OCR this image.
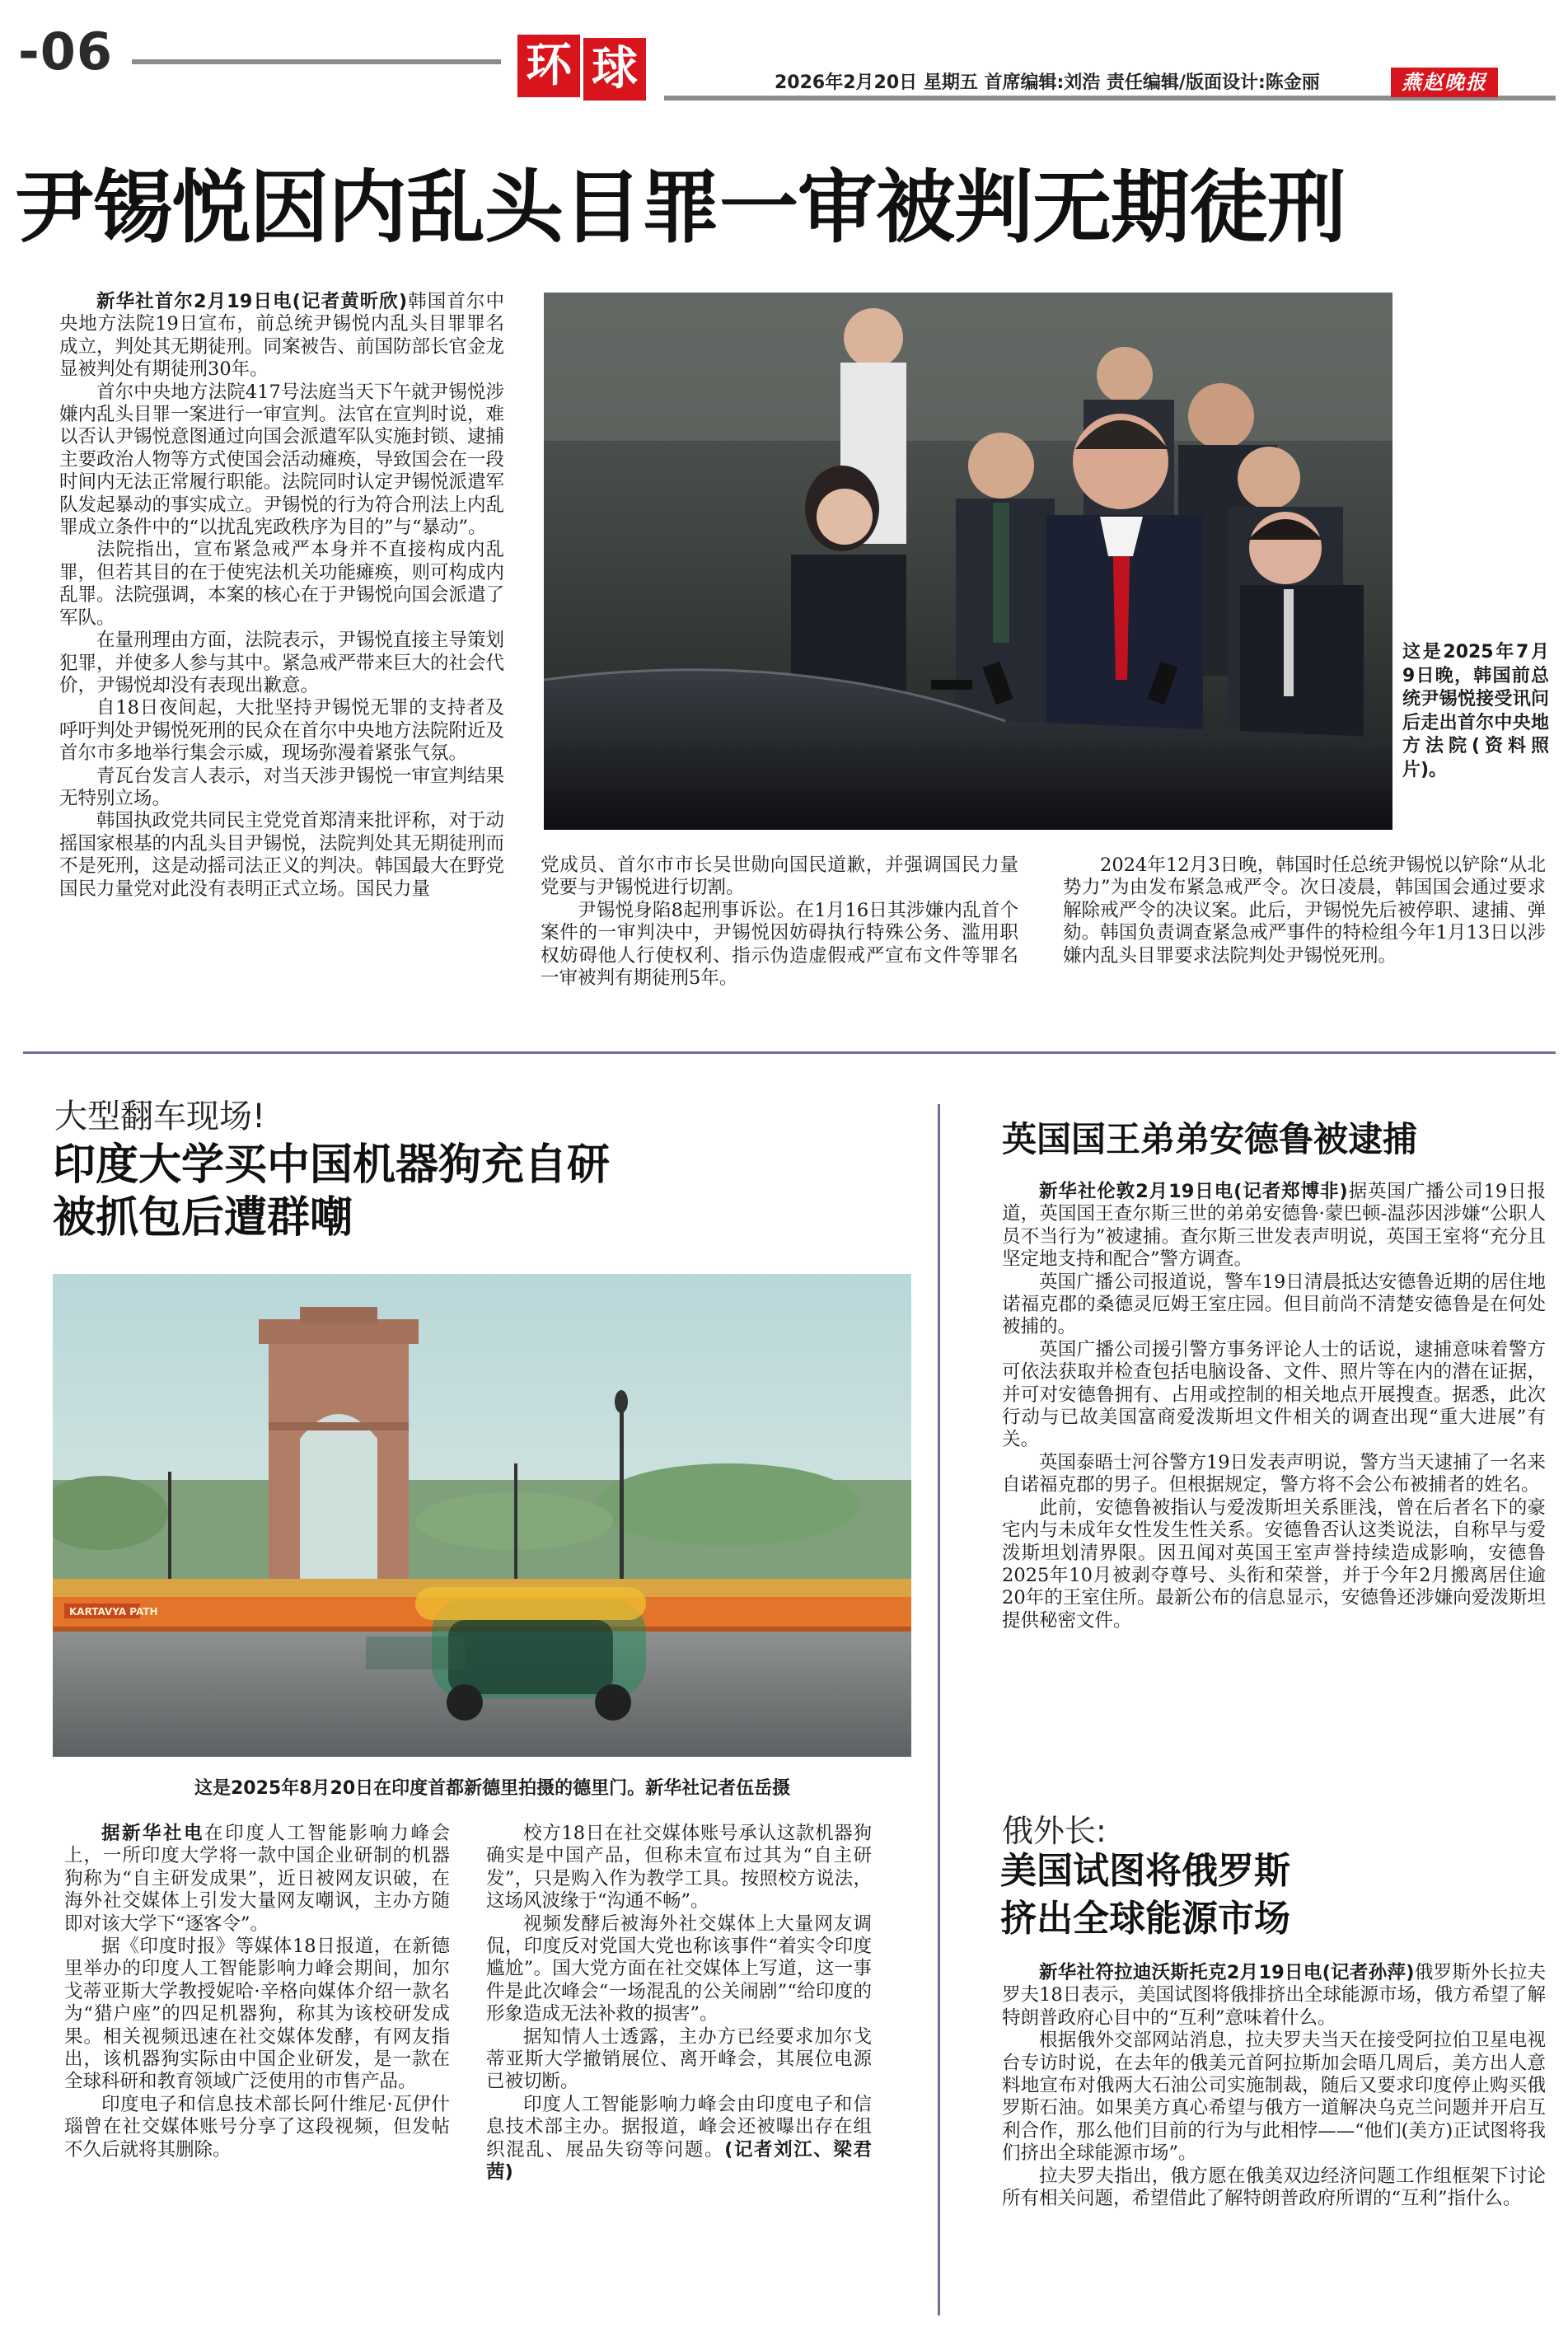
-06	环 球	2026年2月20日 星期五 首席编辑:刘浩 责任编辑/版面设计:陈金丽	燕赵晚报
尹锡悦因内乱头目罪一审被判无期徒刑

新华社首尔2月19日电(记者黄昕欣)韩国首尔中央地方法院19日宣布，前总统尹锡悦内乱头目罪罪名成立，判处其无期徒刑。同案被告、前国防部长官金龙显被判处有期徒刑30年。

首尔中央地方法院417号法庭当天下午就尹锡悦涉嫌内乱头目罪一案进行一审宣判。法官在宣判时说，难以否认尹锡悦意图通过向国会派遣军队实施封锁、逮捕主要政治人物等方式使国会活动瘫痪，导致国会在一段时间内无法正常履行职能。法院同时认定尹锡悦派遣军队发起暴动的事实成立。尹锡悦的行为符合刑法上内乱罪成立条件中的“以扰乱宪政秩序为目的”与“暴动”。

法院指出，宣布紧急戒严本身并不直接构成内乱罪，但若其目的在于使宪法机关功能瘫痪，则可构成内乱罪。法院强调，本案的核心在于尹锡悦向国会派遣了军队。

在量刑理由方面，法院表示，尹锡悦直接主导策划犯罪，并使多人参与其中。紧急戒严带来巨大的社会代价，尹锡悦却没有表现出歉意。

自18日夜间起，大批坚持尹锡悦无罪的支持者及呼吁判处尹锡悦死刑的民众在首尔中央地方法院附近及首尔市多地举行集会示威，现场弥漫着紧张气氛。

青瓦台发言人表示，对当天涉尹锡悦一审宣判结果无特别立场。

韩国执政党共同民主党党首郑清来批评称，对于动摇国家根基的内乱头目尹锡悦，法院判处其无期徒刑而不是死刑，这是动摇司法正义的判决。韩国最大在野党国民力量党对此没有表明正式立场。国民力量

这是2025年7月9日晚，韩国前总统尹锡悦接受讯问后走出首尔中央地方法院(资料照片)。

党成员、首尔市市长吴世勋向国民道歉，并强调国民力量党要与尹锡悦进行切割。

尹锡悦身陷8起刑事诉讼。在1月16日其涉嫌内乱首个案件的一审判决中，尹锡悦因妨碍执行特殊公务、滥用职权妨碍他人行使权利、指示伪造虚假戒严宣布文件等罪名一审被判有期徒刑5年。

2024年12月3日晚，韩国时任总统尹锡悦以铲除“从北势力”为由发布紧急戒严令。次日凌晨，韩国国会通过要求解除戒严令的决议案。此后，尹锡悦先后被停职、逮捕、弹劾。韩国负责调查紧急戒严事件的特检组今年1月13日以涉嫌内乱头目罪要求法院判处尹锡悦死刑。

大型翻车现场!
印度大学买中国机器狗充自研
被抓包后遭群嘲
KARTAVYA PATH
这是2025年8月20日在印度首都新德里拍摄的德里门。新华社记者伍岳摄

据新华社电在印度人工智能影响力峰会上，一所印度大学将一款中国企业研制的机器狗称为“自主研发成果”，近日被网友识破，在海外社交媒体上引发大量网友嘲讽，主办方随即对该大学下“逐客令”。

据《印度时报》等媒体18日报道，在新德里举办的印度人工智能影响力峰会期间，加尔戈蒂亚斯大学教授妮哈·辛格向媒体介绍一款名为“猎户座”的四足机器狗，称其为该校研发成果。相关视频迅速在社交媒体发酵，有网友指出，该机器狗实际由中国企业研发，是一款在全球科研和教育领域广泛使用的市售产品。

印度电子和信息技术部长阿什维尼·瓦伊什瑙曾在社交媒体账号分享了这段视频，但发帖不久后就将其删除。

校方18日在社交媒体账号承认这款机器狗确实是中国产品，但称未宣布过其为“自主研发”，只是购入作为教学工具。按照校方说法，这场风波缘于“沟通不畅”。

视频发酵后被海外社交媒体上大量网友调侃，印度反对党国大党也称该事件“着实令印度尴尬”。国大党方面在社交媒体上写道，这一事件是此次峰会“一场混乱的公关闹剧”“给印度的形象造成无法补救的损害”。

据知情人士透露，主办方已经要求加尔戈蒂亚斯大学撤销展位、离开峰会，其展位电源已被切断。

印度人工智能影响力峰会由印度电子和信息技术部主办。据报道，峰会还被曝出存在组织混乱、展品失窃等问题。(记者刘江、梁君茜)

英国国王弟弟安德鲁被逮捕

新华社伦敦2月19日电(记者郑博非)据英国广播公司19日报道，英国国王查尔斯三世的弟弟安德鲁·蒙巴顿-温莎因涉嫌“公职人员不当行为”被逮捕。查尔斯三世发表声明说，英国王室将“充分且坚定地支持和配合”警方调查。

英国广播公司报道说，警车19日清晨抵达安德鲁近期的居住地诺福克郡的桑德灵厄姆王室庄园。但目前尚不清楚安德鲁是在何处被捕的。

英国广播公司援引警方事务评论人士的话说，逮捕意味着警方可依法获取并检查包括电脑设备、文件、照片等在内的潜在证据，并可对安德鲁拥有、占用或控制的相关地点开展搜查。据悉，此次行动与已故美国富商爱泼斯坦文件相关的调查出现“重大进展”有关。

英国泰晤士河谷警方19日发表声明说，警方当天逮捕了一名来自诺福克郡的男子。但根据规定，警方将不会公布被捕者的姓名。

此前，安德鲁被指认与爱泼斯坦关系匪浅，曾在后者名下的豪宅内与未成年女性发生性关系。安德鲁否认这类说法，自称早与爱泼斯坦划清界限。因丑闻对英国王室声誉持续造成影响，安德鲁2025年10月被剥夺尊号、头衔和荣誉，并于今年2月搬离居住逾20年的王室住所。最新公布的信息显示，安德鲁还涉嫌向爱泼斯坦提供秘密文件。

俄外长:
美国试图将俄罗斯
挤出全球能源市场

新华社符拉迪沃斯托克2月19日电(记者孙萍)俄罗斯外长拉夫罗夫18日表示，美国试图将俄排挤出全球能源市场，俄方希望了解特朗普政府心目中的“互利”意味着什么。

根据俄外交部网站消息，拉夫罗夫当天在接受阿拉伯卫星电视台专访时说，在去年的俄美元首阿拉斯加会晤几周后，美方出人意料地宣布对俄两大石油公司实施制裁，随后又要求印度停止购买俄罗斯石油。如果美方真心希望与俄方一道解决乌克兰问题并开启互利合作，那么他们目前的行为与此相悖——“他们(美方)正试图将我们挤出全球能源市场”。

拉夫罗夫指出，俄方愿在俄美双边经济问题工作组框架下讨论所有相关问题，希望借此了解特朗普政府所谓的“互利”指什么。
